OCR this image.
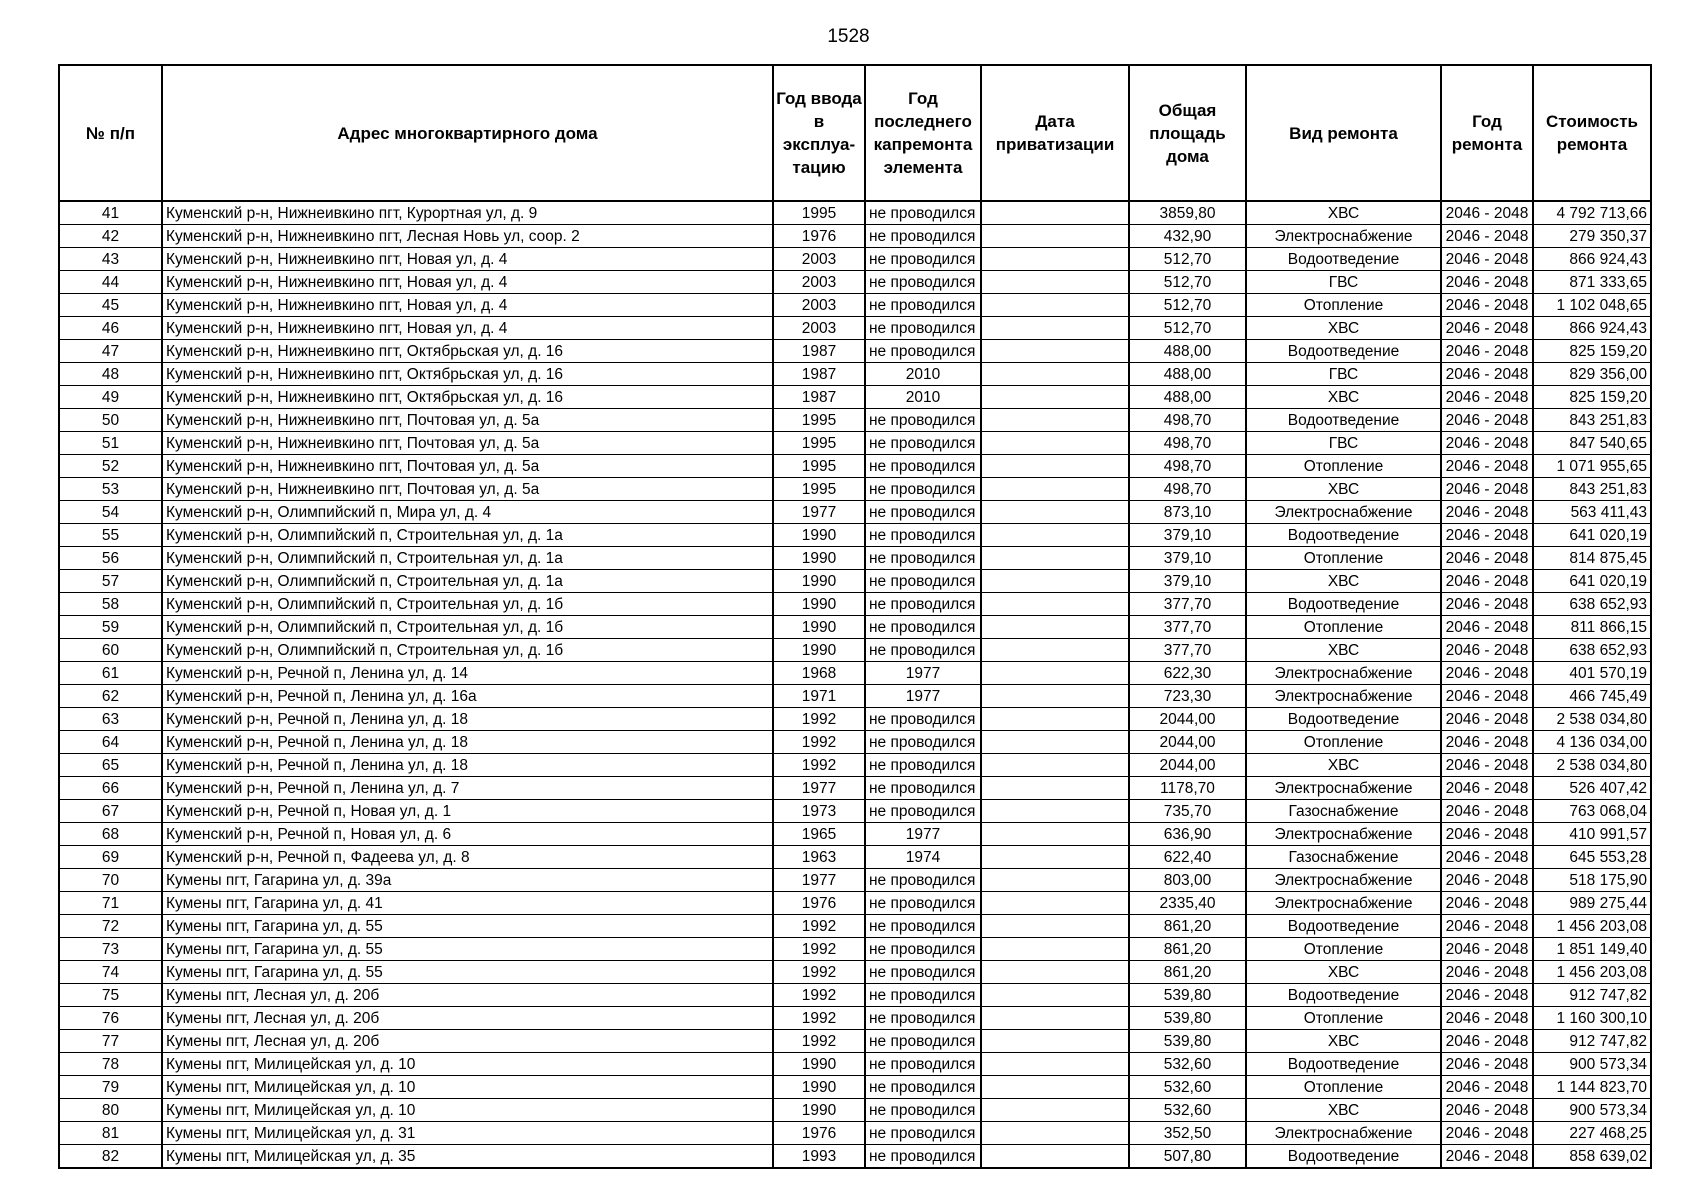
1528
№ п/п	Адрес многоквартирного дома	Год ввода в эксплуа-тацию	Год последнего капремонта элемента	Дата приватизации	Общая площадь дома	Вид ремонта	Год ремонта	Стоимость ремонта
41	Куменский р-н, Нижнеивкино пгт, Курортная ул, д. 9	1995	не проводился		3859,80	ХВС	2046 - 2048	4 792 713,66
42	Куменский р-н, Нижнеивкино пгт, Лесная Новь ул, соор. 2	1976	не проводился		432,90	Электроснабжение	2046 - 2048	279 350,37
43	Куменский р-н, Нижнеивкино пгт, Новая ул, д. 4	2003	не проводился		512,70	Водоотведение	2046 - 2048	866 924,43
44	Куменский р-н, Нижнеивкино пгт, Новая ул, д. 4	2003	не проводился		512,70	ГВС	2046 - 2048	871 333,65
45	Куменский р-н, Нижнеивкино пгт, Новая ул, д. 4	2003	не проводился		512,70	Отопление	2046 - 2048	1 102 048,65
46	Куменский р-н, Нижнеивкино пгт, Новая ул, д. 4	2003	не проводился		512,70	ХВС	2046 - 2048	866 924,43
47	Куменский р-н, Нижнеивкино пгт, Октябрьская ул, д. 16	1987	не проводился		488,00	Водоотведение	2046 - 2048	825 159,20
48	Куменский р-н, Нижнеивкино пгт, Октябрьская ул, д. 16	1987	2010		488,00	ГВС	2046 - 2048	829 356,00
49	Куменский р-н, Нижнеивкино пгт, Октябрьская ул, д. 16	1987	2010		488,00	ХВС	2046 - 2048	825 159,20
50	Куменский р-н, Нижнеивкино пгт, Почтовая ул, д. 5а	1995	не проводился		498,70	Водоотведение	2046 - 2048	843 251,83
51	Куменский р-н, Нижнеивкино пгт, Почтовая ул, д. 5а	1995	не проводился		498,70	ГВС	2046 - 2048	847 540,65
52	Куменский р-н, Нижнеивкино пгт, Почтовая ул, д. 5а	1995	не проводился		498,70	Отопление	2046 - 2048	1 071 955,65
53	Куменский р-н, Нижнеивкино пгт, Почтовая ул, д. 5а	1995	не проводился		498,70	ХВС	2046 - 2048	843 251,83
54	Куменский р-н, Олимпийский п, Мира ул, д. 4	1977	не проводился		873,10	Электроснабжение	2046 - 2048	563 411,43
55	Куменский р-н, Олимпийский п, Строительная ул, д. 1а	1990	не проводился		379,10	Водоотведение	2046 - 2048	641 020,19
56	Куменский р-н, Олимпийский п, Строительная ул, д. 1а	1990	не проводился		379,10	Отопление	2046 - 2048	814 875,45
57	Куменский р-н, Олимпийский п, Строительная ул, д. 1а	1990	не проводился		379,10	ХВС	2046 - 2048	641 020,19
58	Куменский р-н, Олимпийский п, Строительная ул, д. 1б	1990	не проводился		377,70	Водоотведение	2046 - 2048	638 652,93
59	Куменский р-н, Олимпийский п, Строительная ул, д. 1б	1990	не проводился		377,70	Отопление	2046 - 2048	811 866,15
60	Куменский р-н, Олимпийский п, Строительная ул, д. 1б	1990	не проводился		377,70	ХВС	2046 - 2048	638 652,93
61	Куменский р-н, Речной п, Ленина ул, д. 14	1968	1977		622,30	Электроснабжение	2046 - 2048	401 570,19
62	Куменский р-н, Речной п, Ленина ул, д. 16а	1971	1977		723,30	Электроснабжение	2046 - 2048	466 745,49
63	Куменский р-н, Речной п, Ленина ул, д. 18	1992	не проводился		2044,00	Водоотведение	2046 - 2048	2 538 034,80
64	Куменский р-н, Речной п, Ленина ул, д. 18	1992	не проводился		2044,00	Отопление	2046 - 2048	4 136 034,00
65	Куменский р-н, Речной п, Ленина ул, д. 18	1992	не проводился		2044,00	ХВС	2046 - 2048	2 538 034,80
66	Куменский р-н, Речной п, Ленина ул, д. 7	1977	не проводился		1178,70	Электроснабжение	2046 - 2048	526 407,42
67	Куменский р-н, Речной п, Новая ул, д. 1	1973	не проводился		735,70	Газоснабжение	2046 - 2048	763 068,04
68	Куменский р-н, Речной п, Новая ул, д. 6	1965	1977		636,90	Электроснабжение	2046 - 2048	410 991,57
69	Куменский р-н, Речной п, Фадеева ул, д. 8	1963	1974		622,40	Газоснабжение	2046 - 2048	645 553,28
70	Кумены пгт, Гагарина ул, д. 39а	1977	не проводился		803,00	Электроснабжение	2046 - 2048	518 175,90
71	Кумены пгт, Гагарина ул, д. 41	1976	не проводился		2335,40	Электроснабжение	2046 - 2048	989 275,44
72	Кумены пгт, Гагарина ул, д. 55	1992	не проводился		861,20	Водоотведение	2046 - 2048	1 456 203,08
73	Кумены пгт, Гагарина ул, д. 55	1992	не проводился		861,20	Отопление	2046 - 2048	1 851 149,40
74	Кумены пгт, Гагарина ул, д. 55	1992	не проводился		861,20	ХВС	2046 - 2048	1 456 203,08
75	Кумены пгт, Лесная ул, д. 20б	1992	не проводился		539,80	Водоотведение	2046 - 2048	912 747,82
76	Кумены пгт, Лесная ул, д. 20б	1992	не проводился		539,80	Отопление	2046 - 2048	1 160 300,10
77	Кумены пгт, Лесная ул, д. 20б	1992	не проводился		539,80	ХВС	2046 - 2048	912 747,82
78	Кумены пгт, Милицейская ул, д. 10	1990	не проводился		532,60	Водоотведение	2046 - 2048	900 573,34
79	Кумены пгт, Милицейская ул, д. 10	1990	не проводился		532,60	Отопление	2046 - 2048	1 144 823,70
80	Кумены пгт, Милицейская ул, д. 10	1990	не проводился		532,60	ХВС	2046 - 2048	900 573,34
81	Кумены пгт, Милицейская ул, д. 31	1976	не проводился		352,50	Электроснабжение	2046 - 2048	227 468,25
82	Кумены пгт, Милицейская ул, д. 35	1993	не проводился		507,80	Водоотведение	2046 - 2048	858 639,02
